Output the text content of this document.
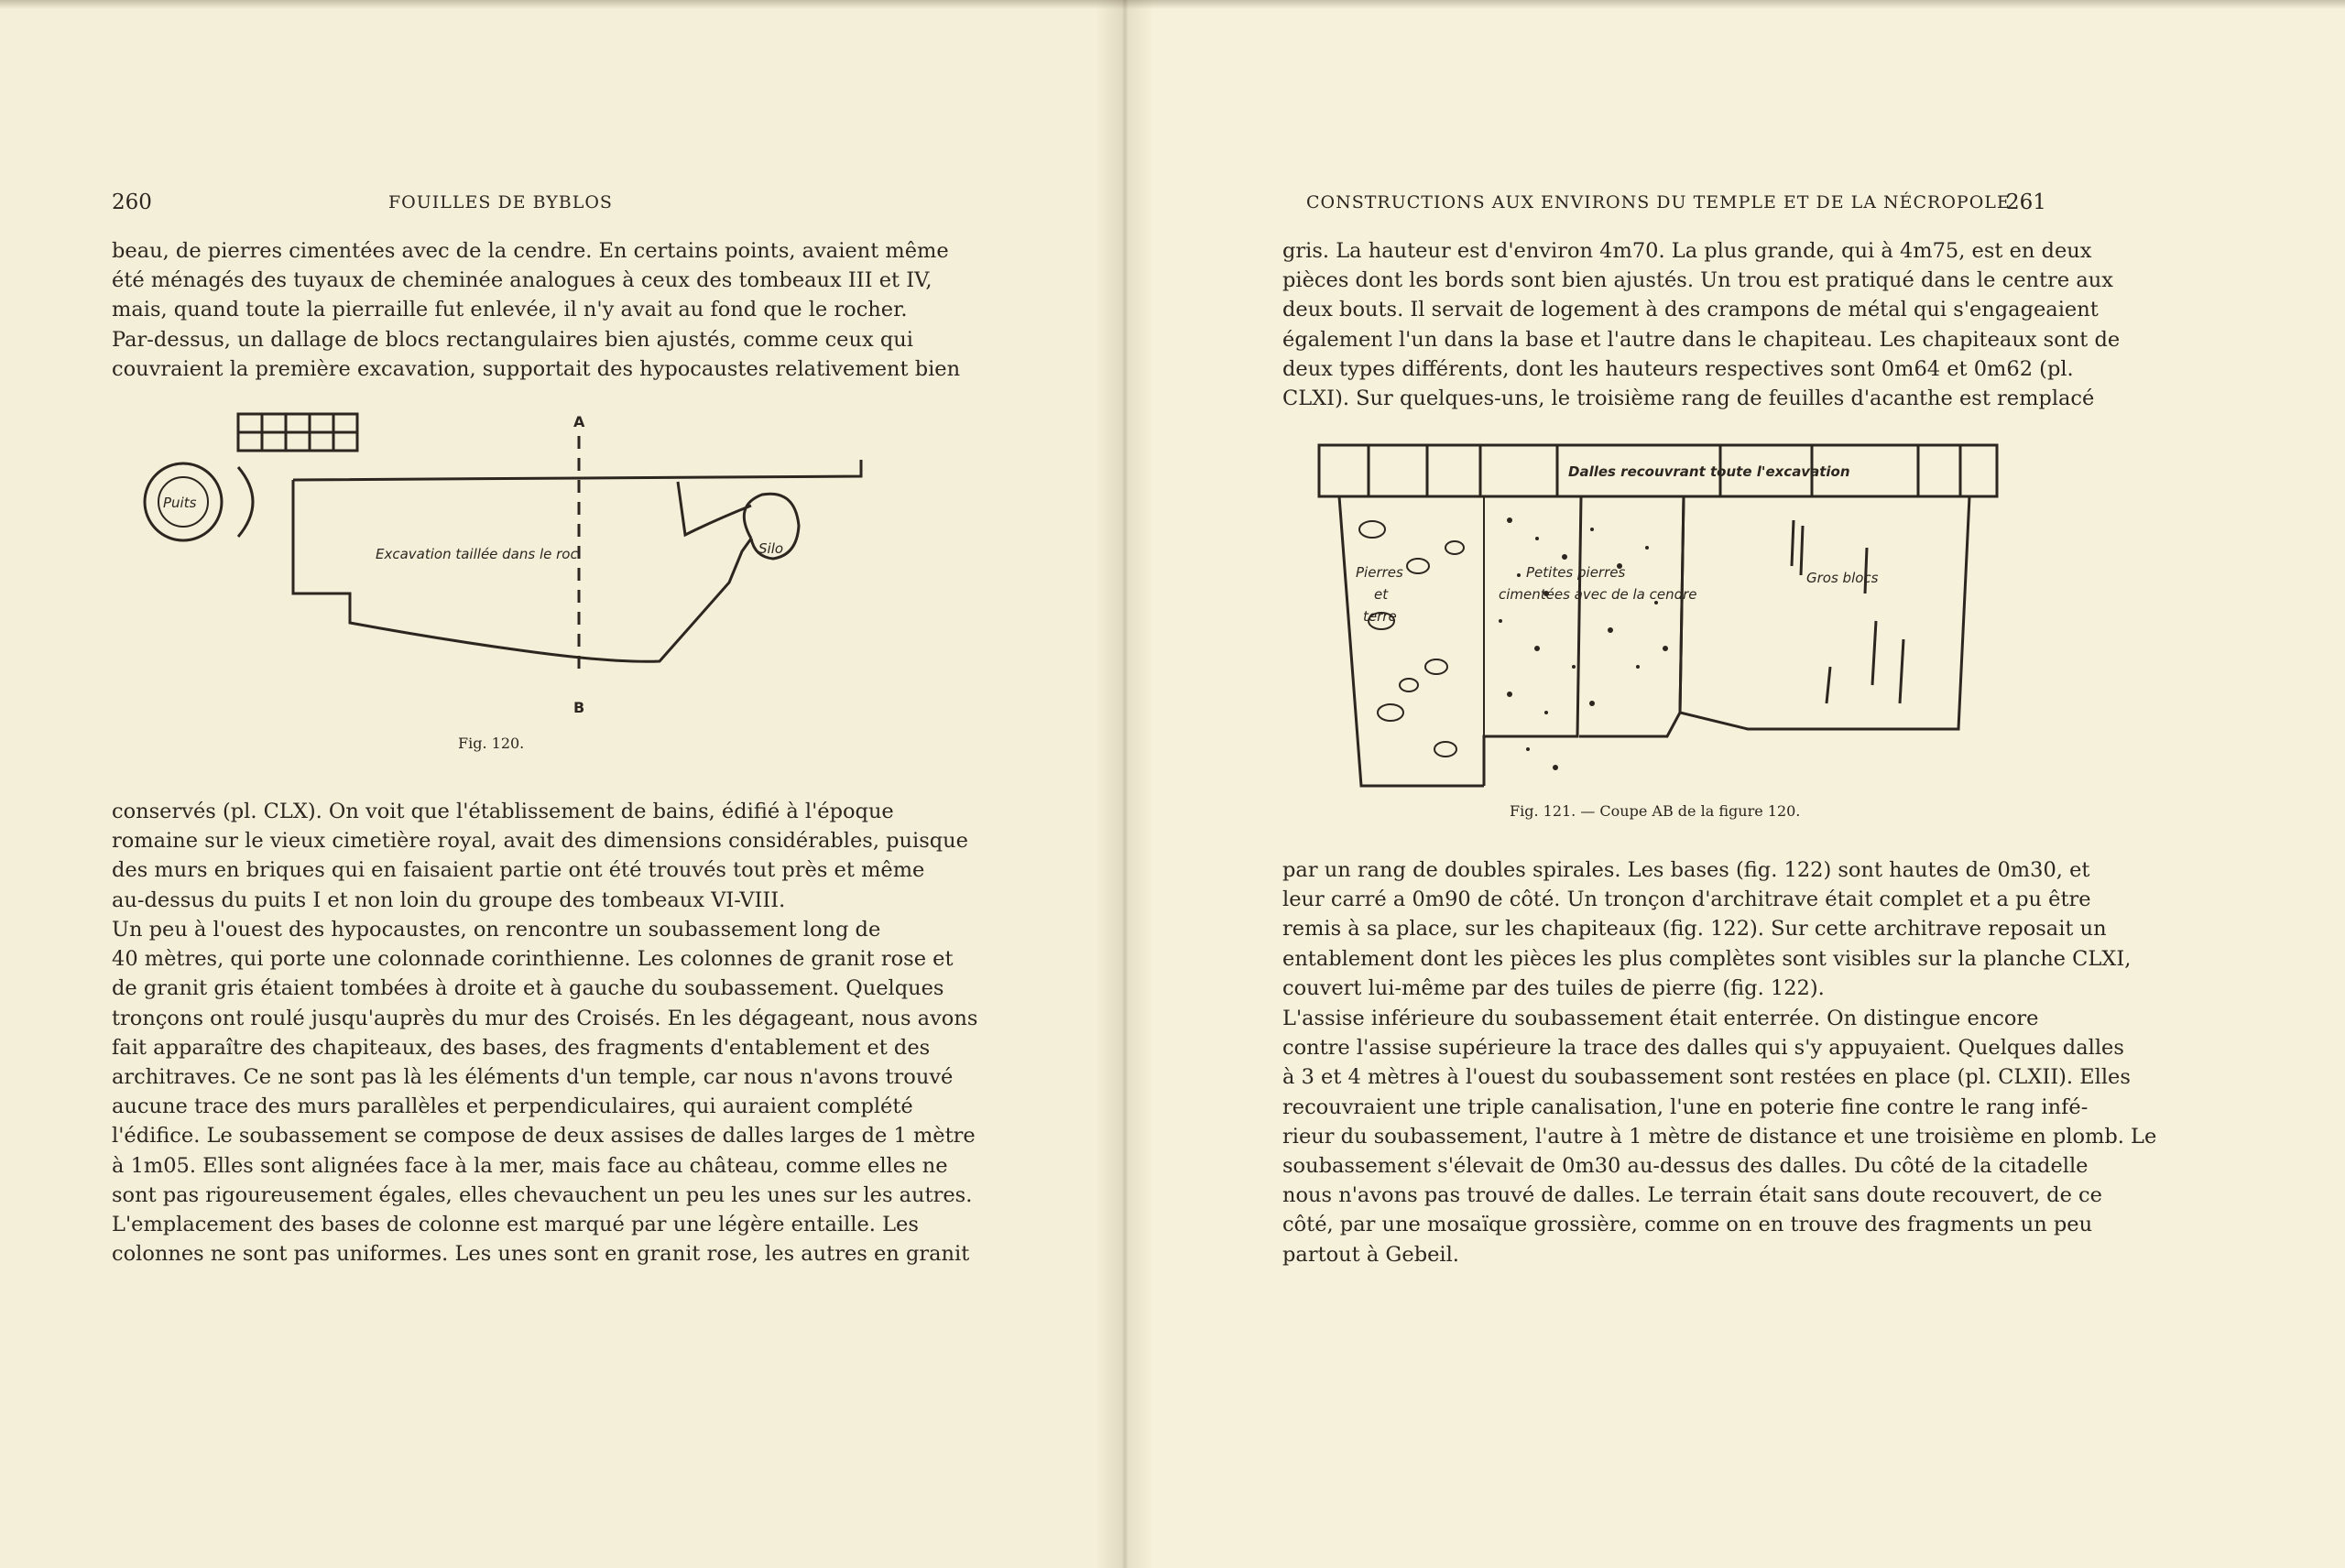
260	FOUILLES DE BYBLOS
beau, de pierres cimentées avec de la cendre. En certains points, avaient même
été ménagés des tuyaux de cheminée analogues à ceux des tombeaux III et IV,
mais, quand toute la pierraille fut enlevée, il n'y avait au fond que le rocher.
Par-dessus, un dallage de blocs rectangulaires bien ajustés, comme ceux qui
couvraient la première excavation, supportait des hypocaustes relativement bien
A
B
Puits
Silo
Excavation taillée dans le roc
Fig. 120.
conservés (pl. CLX). On voit que l'établissement de bains, édifié à l'époque
romaine sur le vieux cimetière royal, avait des dimensions considérables, puisque
des murs en briques qui en faisaient partie ont été trouvés tout près et même
au-dessus du puits I et non loin du groupe des tombeaux VI-VIII.
Un peu à l'ouest des hypocaustes, on rencontre un soubassement long de
40 mètres, qui porte une colonnade corinthienne. Les colonnes de granit rose et
de granit gris étaient tombées à droite et à gauche du soubassement. Quelques
tronçons ont roulé jusqu'auprès du mur des Croisés. En les dégageant, nous avons
fait apparaître des chapiteaux, des bases, des fragments d'entablement et des
architraves. Ce ne sont pas là les éléments d'un temple, car nous n'avons trouvé
aucune trace des murs parallèles et perpendiculaires, qui auraient complété
l'édifice. Le soubassement se compose de deux assises de dalles larges de 1 mètre
à 1m05. Elles sont alignées face à la mer, mais face au château, comme elles ne
sont pas rigoureusement égales, elles chevauchent un peu les unes sur les autres.
L'emplacement des bases de colonne est marqué par une légère entaille. Les
colonnes ne sont pas uniformes. Les unes sont en granit rose, les autres en granit
CONSTRUCTIONS AUX ENVIRONS DU TEMPLE ET DE LA NÉCROPOLE
261
gris. La hauteur est d'environ 4m70. La plus grande, qui à 4m75, est en deux
pièces dont les bords sont bien ajustés. Un trou est pratiqué dans le centre aux
deux bouts. Il servait de logement à des crampons de métal qui s'engageaient
également l'un dans la base et l'autre dans le chapiteau. Les chapiteaux sont de
deux types différents, dont les hauteurs respectives sont 0m64 et 0m62 (pl.
CLXI). Sur quelques-uns, le troisième rang de feuilles d'acanthe est remplacé
Dalles recouvrant toute l'excavation
Pierres
et
terre
Petites pierres
cimentées avec de la cendre
Gros blocs
Fig. 121. — Coupe AB de la figure 120.
par un rang de doubles spirales. Les bases (fig. 122) sont hautes de 0m30, et
leur carré a 0m90 de côté. Un tronçon d'architrave était complet et a pu être
remis à sa place, sur les chapiteaux (fig. 122). Sur cette architrave reposait un
entablement dont les pièces les plus complètes sont visibles sur la planche CLXI,
couvert lui-même par des tuiles de pierre (fig. 122).
L'assise inférieure du soubassement était enterrée. On distingue encore
contre l'assise supérieure la trace des dalles qui s'y appuyaient. Quelques dalles
à 3 et 4 mètres à l'ouest du soubassement sont restées en place (pl. CLXII). Elles
recouvraient une triple canalisation, l'une en poterie fine contre le rang infé-
rieur du soubassement, l'autre à 1 mètre de distance et une troisième en plomb. Le
soubassement s'élevait de 0m30 au-dessus des dalles. Du côté de la citadelle
nous n'avons pas trouvé de dalles. Le terrain était sans doute recouvert, de ce
côté, par une mosaïque grossière, comme on en trouve des fragments un peu
partout à Gebeil.
